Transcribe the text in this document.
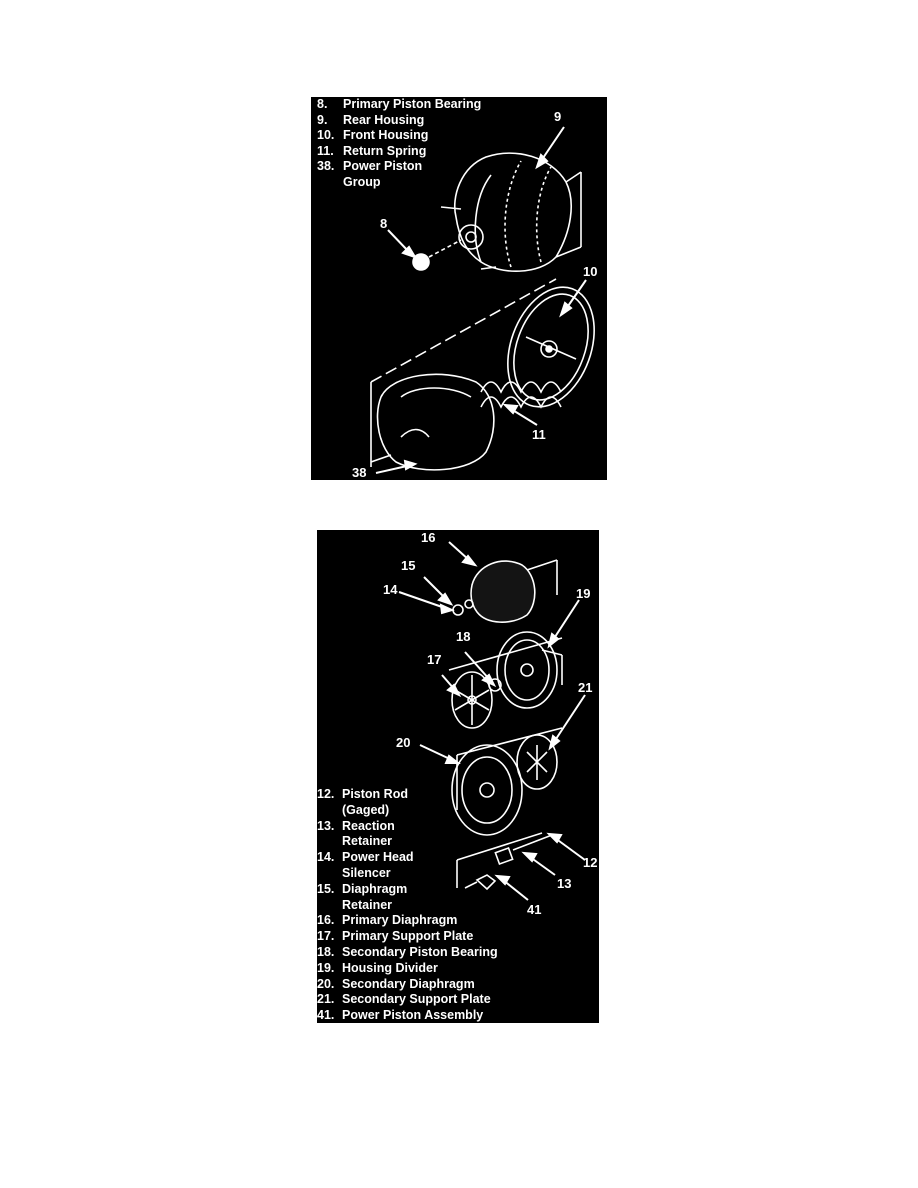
8.	Primary Piston Bearing
9.	Rear Housing
10. Front Housing
11. Return Spring
38. Power Piston
Group
9
8
10
11
38
16
15
14	19
18
17
21
20
12
13
41
12. Piston Rod
(Gaged)
13. Reaction
Retainer
14. Power Head
Silencer
15. Diaphragm
Retainer
16. Primary Diaphragm
17. Primary Support Plate
18. Secondary Piston Bearing
19. Housing Divider
20. Secondary Diaphragm
21. Secondary Support Plate
41. Power Piston Assembly
